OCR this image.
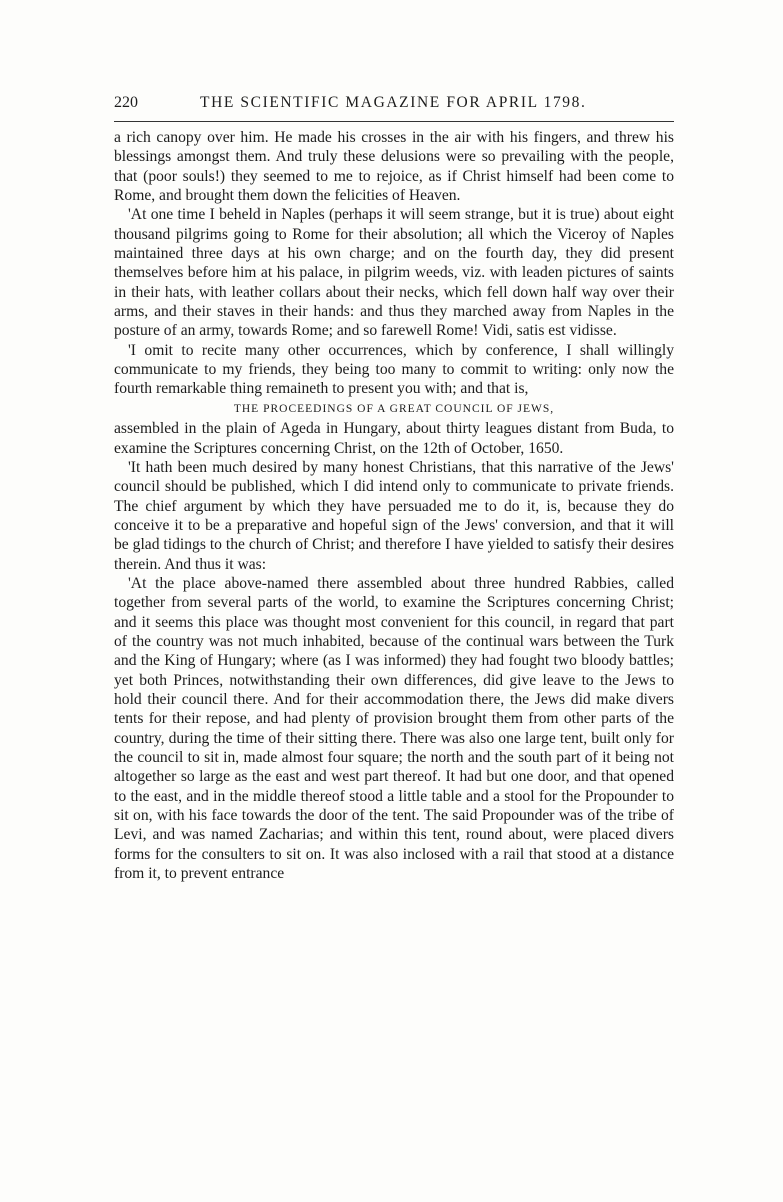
220	THE SCIENTIFIC MAGAZINE FOR APRIL 1798.

a rich canopy over him. He made his crosses in the air with his fingers, and threw his blessings amongst them. And truly these delusions were so prevailing with the people, that (poor souls!) they seemed to me to rejoice, as if Christ himself had been come to Rome, and brought them down the felicities of Heaven.

'At one time I beheld in Naples (perhaps it will seem strange, but it is true) about eight thousand pilgrims going to Rome for their absolution; all which the Viceroy of Naples maintained three days at his own charge; and on the fourth day, they did present themselves before him at his palace, in pilgrim weeds, viz. with leaden pictures of saints in their hats, with leather collars about their necks, which fell down half way over their arms, and their staves in their hands: and thus they marched away from Naples in the posture of an army, towards Rome; and so farewell Rome! Vidi, satis est vidisse.

'I omit to recite many other occurrences, which by conference, I shall willingly communicate to my friends, they being too many to commit to writing: only now the fourth remarkable thing remaineth to present you with; and that is,

THE PROCEEDINGS OF A GREAT COUNCIL OF JEWS,

assembled in the plain of Ageda in Hungary, about thirty leagues distant from Buda, to examine the Scriptures concerning Christ, on the 12th of October, 1650.

'It hath been much desired by many honest Christians, that this narrative of the Jews' council should be published, which I did intend only to communicate to private friends. The chief argument by which they have persuaded me to do it, is, because they do conceive it to be a preparative and hopeful sign of the Jews' conversion, and that it will be glad tidings to the church of Christ; and therefore I have yielded to satisfy their desires therein. And thus it was:

'At the place above-named there assembled about three hundred Rabbies, called together from several parts of the world, to examine the Scriptures concerning Christ; and it seems this place was thought most convenient for this council, in regard that part of the country was not much inhabited, because of the continual wars between the Turk and the King of Hungary; where (as I was informed) they had fought two bloody battles; yet both Princes, notwithstanding their own differences, did give leave to the Jews to hold their council there. And for their accommodation there, the Jews did make divers tents for their repose, and had plenty of provision brought them from other parts of the country, during the time of their sitting there. There was also one large tent, built only for the council to sit in, made almost four square; the north and the south part of it being not altogether so large as the east and west part thereof. It had but one door, and that opened to the east, and in the middle thereof stood a little table and a stool for the Propounder to sit on, with his face towards the door of the tent. The said Propounder was of the tribe of Levi, and was named Zacharias; and within this tent, round about, were placed divers forms for the consulters to sit on. It was also inclosed with a rail that stood at a distance from it, to prevent entrance
